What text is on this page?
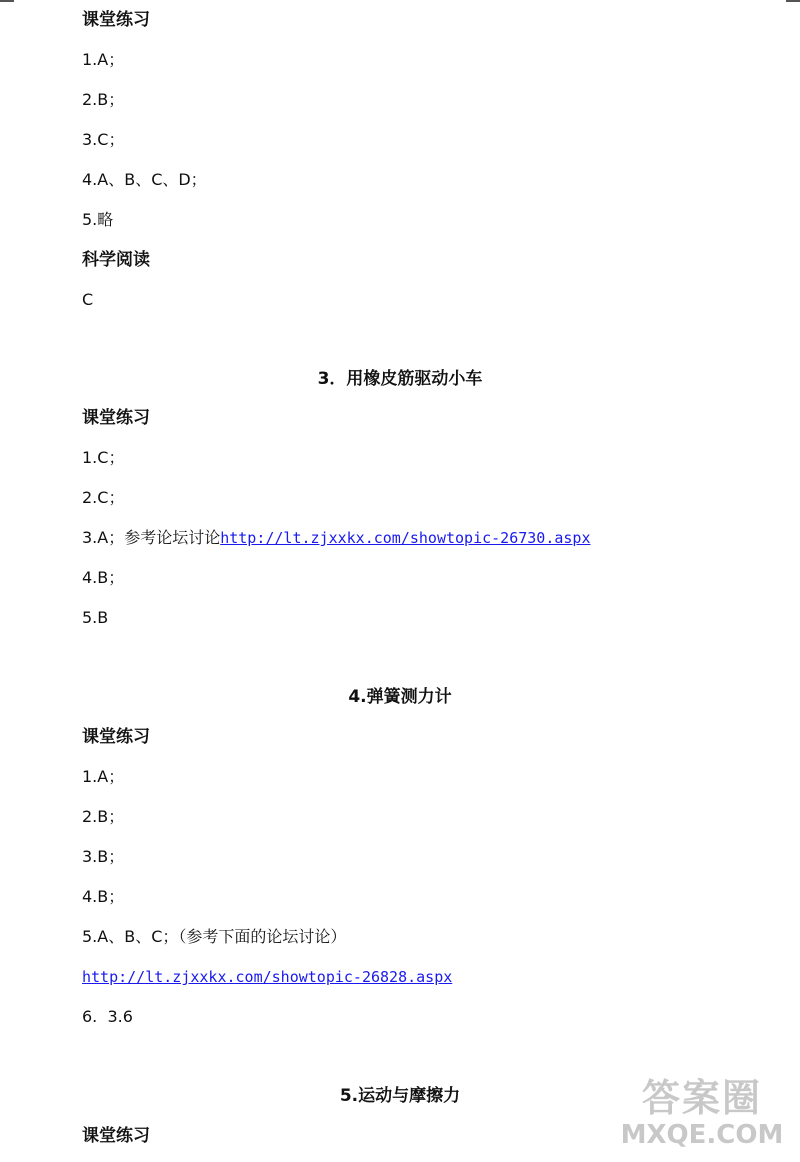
课堂练习
1.A；
2.B；
3.C；
4.A、B、C、D；
5.略
科学阅读
C
3．用橡皮筋驱动小车
课堂练习
1.C；
2.C；
3.A；参考论坛讨论http://lt.zjxxkx.com/showtopic-26730.aspx
4.B；
5.B
4.弹簧测力计
课堂练习
1.A；
2.B；
3.B；
4.B；
5.A、B、C；（参考下面的论坛讨论）
http://lt.zjxxkx.com/showtopic-26828.aspx
6.  3.6
5.运动与摩擦力
课堂练习
答案圈
MXQE.COM
